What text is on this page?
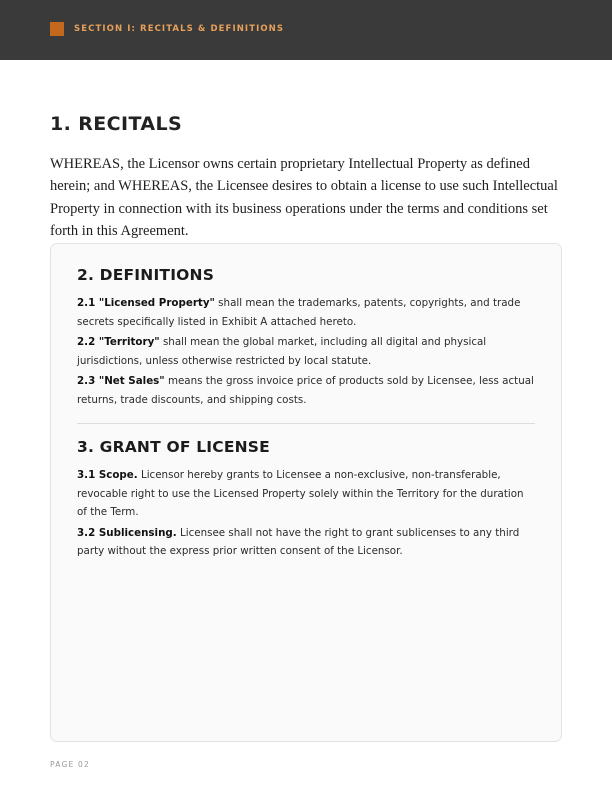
SECTION I: RECITALS & DEFINITIONS
1. RECITALS

WHEREAS, the Licensor owns certain proprietary Intellectual Property as defined herein; and WHEREAS, the Licensee desires to obtain a license to use such Intellectual Property in connection with its business operations under the terms and conditions set forth in this Agreement.

2. DEFINITIONS

2.1 "Licensed Property" shall mean the trademarks, patents, copyrights, and trade secrets specifically listed in Exhibit A attached hereto.

2.2 "Territory" shall mean the global market, including all digital and physical jurisdictions, unless otherwise restricted by local statute.

2.3 "Net Sales" means the gross invoice price of products sold by Licensee, less actual returns, trade discounts, and shipping costs.

3. GRANT OF LICENSE

3.1 Scope. Licensor hereby grants to Licensee a non-exclusive, non-transferable, revocable right to use the Licensed Property solely within the Territory for the duration of the Term.

3.2 Sublicensing. Licensee shall not have the right to grant sublicenses to any third party without the express prior written consent of the Licensor.

PAGE 02
